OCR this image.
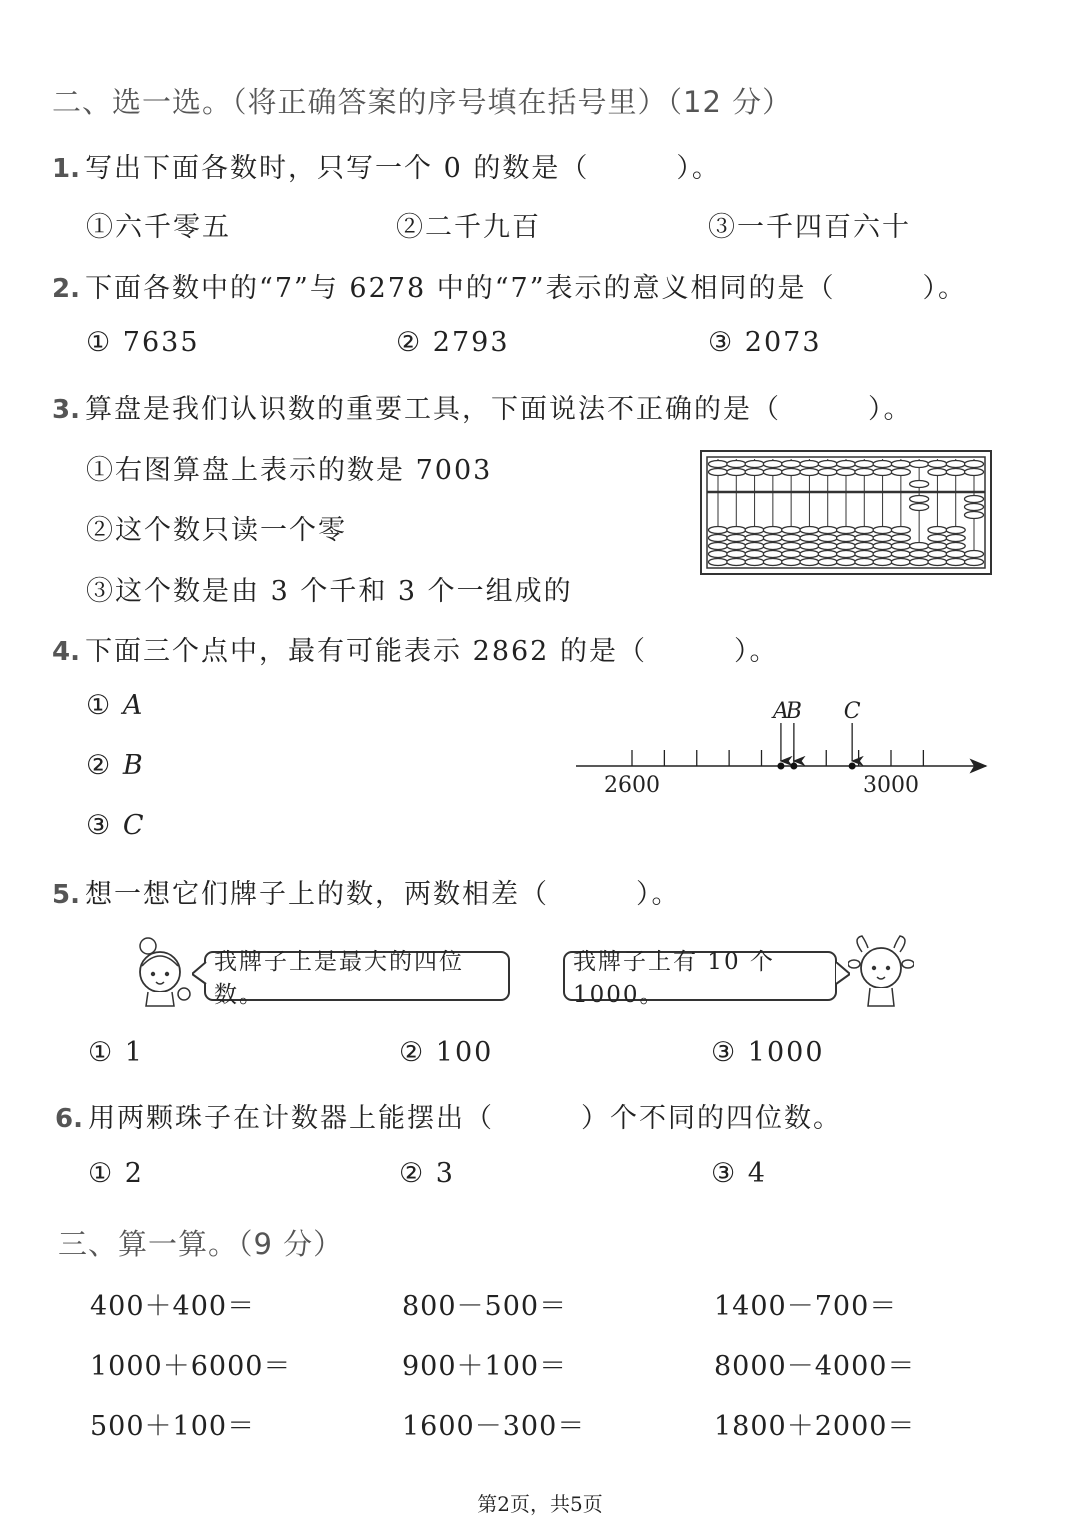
二、选一选。（将正确答案的序号填在括号里）（12 分）
1. 写出下面各数时，只写一个 0 的数是（　　　）。
①六千零五	②二千九百	③一千四百六十
2. 下面各数中的“7”与 6278 中的“7”表示的意义相同的是（　　　）。
① 7635	② 2793	③ 2073
3. 算盘是我们认识数的重要工具，下面说法不正确的是（　　　）。
①右图算盘上表示的数是 7003
②这个数只读一个零
③这个数是由 3 个千和 3 个一组成的
4. 下面三个点中，最有可能表示 2862 的是（　　　）。
① A
② B
③ C
A
B C
2600	3000
5. 想一想它们牌子上的数，两数相差（　　　）。
我牌子上是最大的四位数。
我牌子上有 10 个 1000。
① 1	② 100	③ 1000
6. 用两颗珠子在计数器上能摆出（　　　）个不同的四位数。
① 2	② 3	③ 4
三、算一算。（9 分）
400＋400＝	800－500＝	1400－700＝
1000＋6000＝	900＋100＝	8000－4000＝
500＋100＝	1600－300＝	1800＋2000＝
第2页，共5页
